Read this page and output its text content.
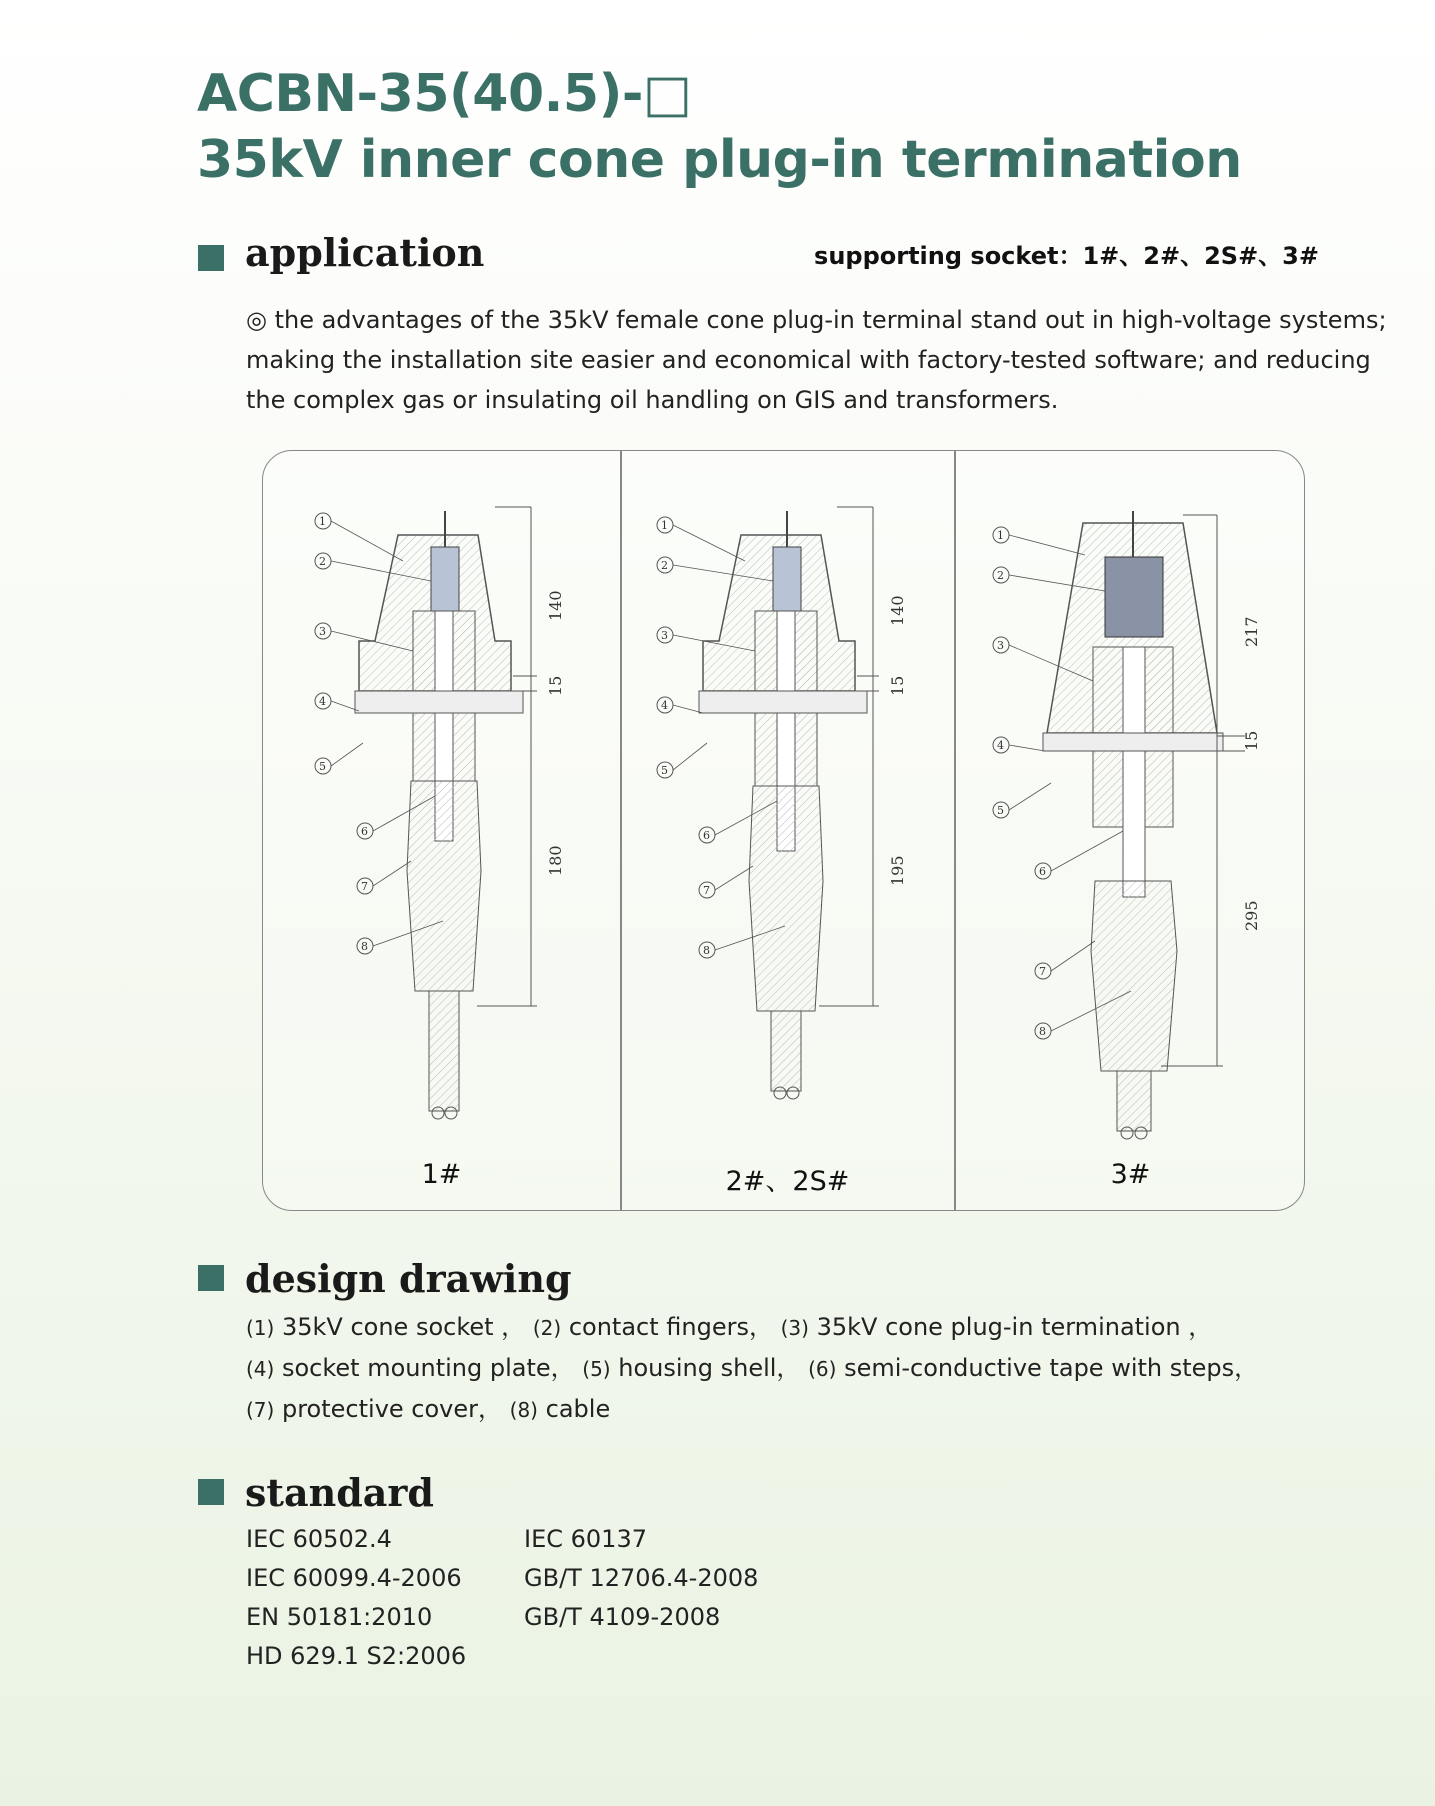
ACBN-35(40.5)-□
35kV inner cone plug-in termination
application	supporting socket：1#、2#、2S#、3#
◎ the advantages of the 35kV female cone plug-in terminal stand out in high-voltage systems;
making the installation site easier and economical with factory-tested software; and reducing
the complex gas or insulating oil handling on GIS and transformers.
1
2
3
4
5
6
7
8
140
15
180
1#
1
2
3
4
5
6
7
8
140
15
195
2#、2S#
1
2
3
4
5
6
7
8
217
15
295
3#
design drawing
(1) 35kV cone socket ， (2) contact fingers， (3) 35kV cone plug-in termination ，
(4) socket mounting plate， (5) housing shell， (6) semi-conductive tape with steps，
(7) protective cover， (8) cable
standard
IEC 60502.4
IEC 60099.4-2006
EN 50181:2010
HD 629.1 S2:2006
IEC 60137
GB/T 12706.4-2008
GB/T 4109-2008
